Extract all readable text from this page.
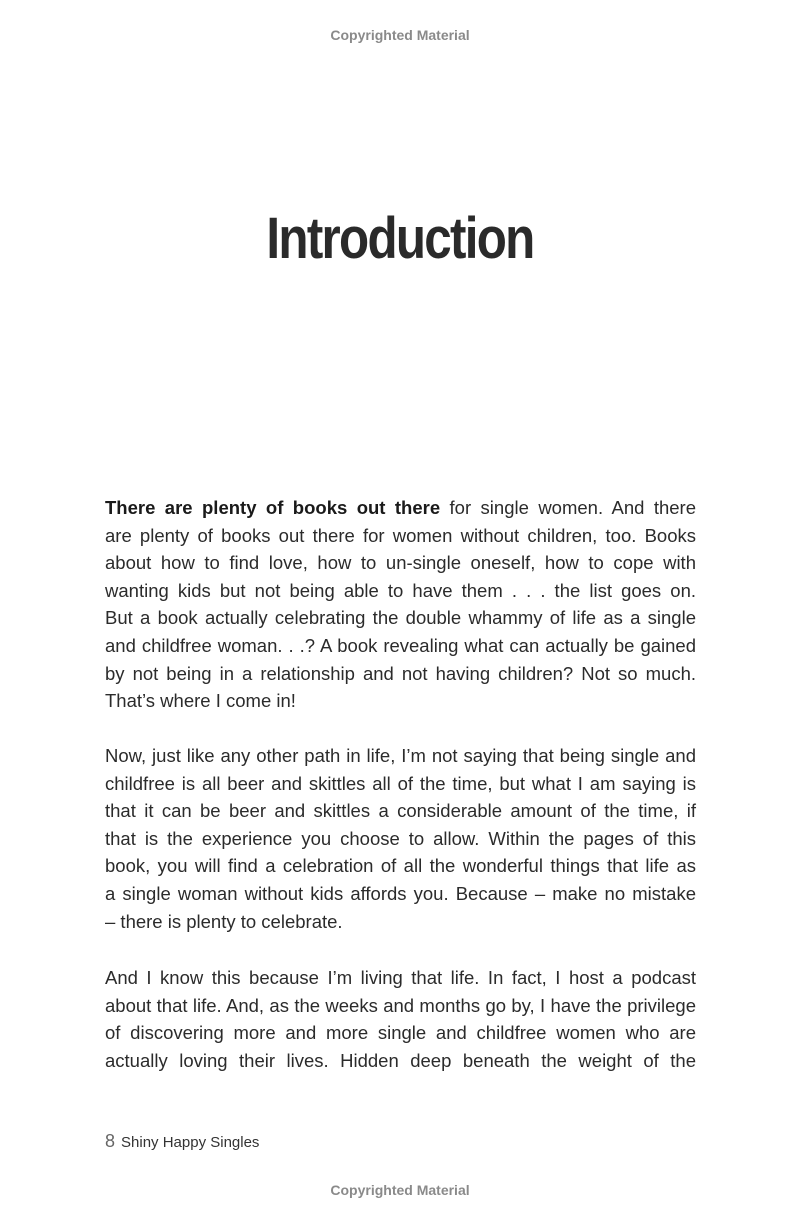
Copyrighted Material
Introduction
There are plenty of books out there for single women. And there
are plenty of books out there for women without children, too. Books
about how to find love, how to un-single oneself, how to cope with
wanting kids but not being able to have them . . . the list goes on.
But a book actually celebrating the double whammy of life as a single
and childfree woman. . .? A book revealing what can actually be gained
by not being in a relationship and not having children? Not so much.
That’s where I come in!
Now, just like any other path in life, I’m not saying that being single and
childfree is all beer and skittles all of the time, but what I am saying is
that it can be beer and skittles a considerable amount of the time, if
that is the experience you choose to allow. Within the pages of this
book, you will find a celebration of all the wonderful things that life as
a single woman without kids affords you. Because – make no mistake
– there is plenty to celebrate.
And I know this because I’m living that life. In fact, I host a podcast
about that life. And, as the weeks and months go by, I have the privilege
of discovering more and more single and childfree women who are
actually loving their lives. Hidden deep beneath the weight of the
8 Shiny Happy Singles
Copyrighted Material
